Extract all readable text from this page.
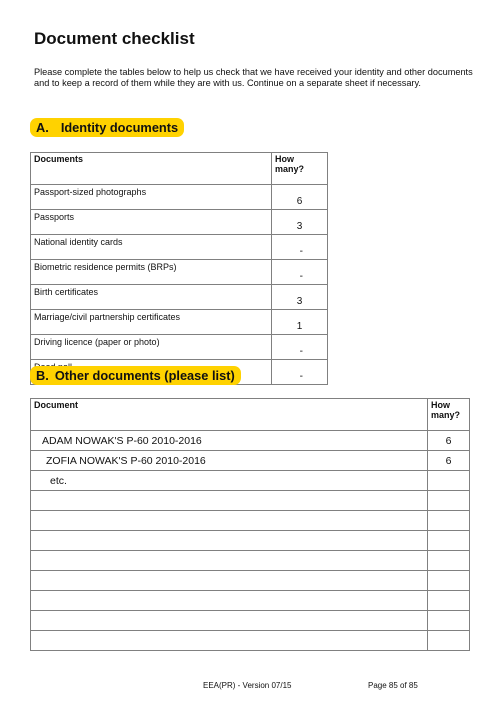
Document checklist

Please complete the tables below to help us check that we have received your identity and other documents and to keep a record of them while they are with us. Continue on a separate sheet if necessary.

A. Identity documents
Documents	How many?
Passport-sized photographs	6
Passports	3
National identity cards	-
Biometric residence permits (BRPs)	-
Birth certificates	3
Marriage/civil partnership certificates	1
Driving licence (paper or photo)	-
	-
B. Other documents (please list)
Document	How many?
ADAM NOWAK'S P-60 2010-2016	6
ZOFIA NOWAK'S P-60 2010-2016	6
etc.	

EEA(PR) - Version 07/15	Page 85 of 85
